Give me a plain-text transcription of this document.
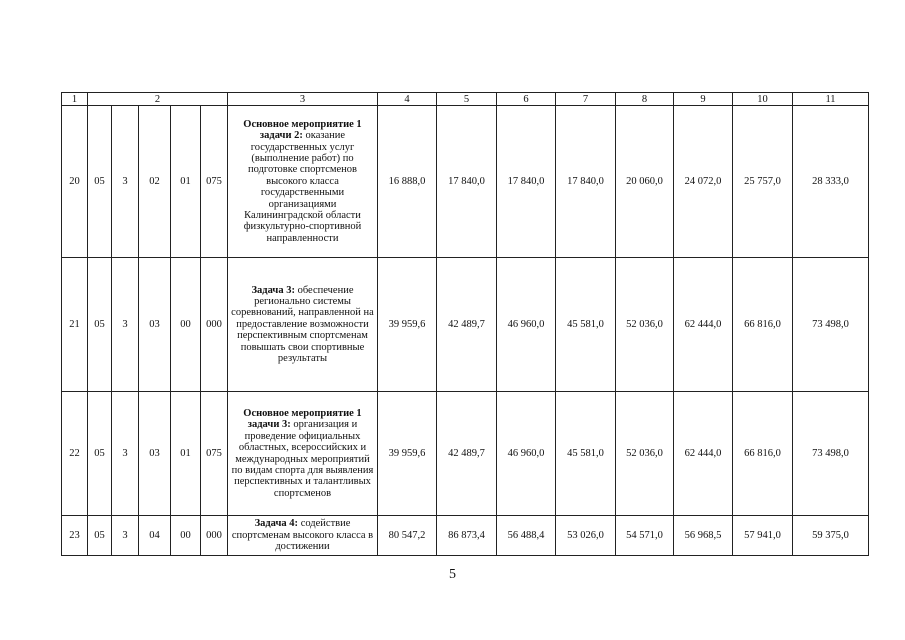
1	2					3	4	5	6	7	8	9	10	11
20	05	3	02	01	075	Основное мероприятие 1 задачи 2: оказание государственных услуг (выполнение работ) по подготовке спортсменов высокого класса государственными организациями Калининградской области физкультурно-спортивной направленности	16 888,0	17 840,0	17 840,0	17 840,0	20 060,0	24 072,0	25 757,0	28 333,0
21	05	3	03	00	000	Задача 3: обеспечение регионально системы соревнований, направленной на предоставление возможности перспективным спортсменам повышать свои спортивные результаты	39 959,6	42 489,7	46 960,0	45 581,0	52 036,0	62 444,0	66 816,0	73 498,0
22	05	3	03	01	075	Основное мероприятие 1 задачи 3: организация и проведение официальных областных, всероссийских и международных мероприятий по видам спорта для выявления перспективных и талантливых спортсменов	39 959,6	42 489,7	46 960,0	45 581,0	52 036,0	62 444,0	66 816,0	73 498,0
23	05	3	04	00	000	Задача 4: содействие спортсменам высокого класса в достижении	80 547,2	86 873,4	56 488,4	53 026,0	54 571,0	56 968,5	57 941,0	59 375,0
5
